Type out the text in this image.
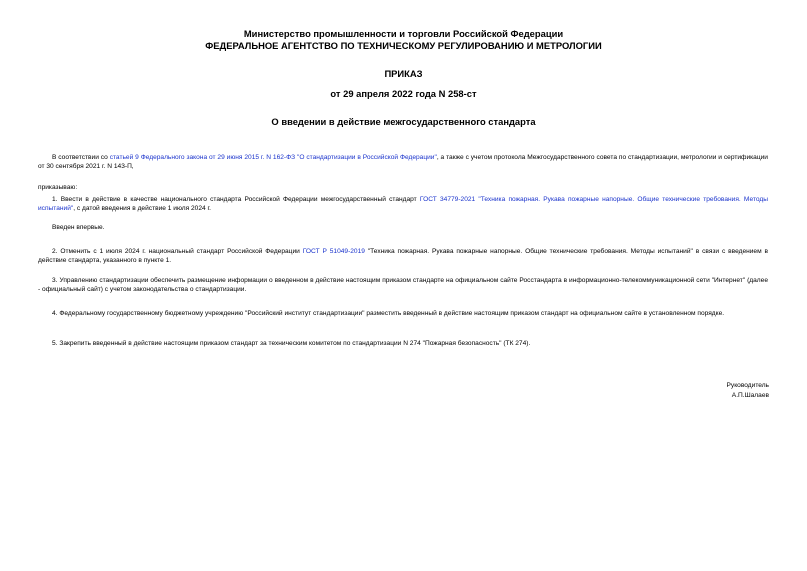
Министерство промышленности и торговли Российской Федерации
ФЕДЕРАЛЬНОЕ АГЕНТСТВО ПО ТЕХНИЧЕСКОМУ РЕГУЛИРОВАНИЮ И МЕТРОЛОГИИ
ПРИКАЗ
от 29 апреля 2022 года N 258-ст
О введении в действие межгосударственного стандарта
В соответствии со статьей 9 Федерального закона от 29 июня 2015 г. N 162-ФЗ "О стандартизации в Российской Федерации", а также с учетом протокола Межгосударственного совета по стандартизации, метрологии и сертификации от 30 сентября 2021 г. N 143-П,
приказываю:
1. Ввести в действие в качестве национального стандарта Российской Федерации межгосударственный стандарт ГОСТ 34779-2021 "Техника пожарная. Рукава пожарные напорные. Общие технические требования. Методы испытаний", с датой введения в действие 1 июля 2024 г.
Введен впервые.
2. Отменить с 1 июля 2024 г. национальный стандарт Российской Федерации ГОСТ Р 51049-2019 "Техника пожарная. Рукава пожарные напорные. Общие технические требования. Методы испытаний" в связи с введением в действие стандарта, указанного в пункте 1.
3. Управлению стандартизации обеспечить размещение информации о введенном в действие настоящим приказом стандарте на официальном сайте Росстандарта в информационно-телекоммуникационной сети "Интернет" (далее - официальный сайт) с учетом законодательства о стандартизации.
4. Федеральному государственному бюджетному учреждению "Российский институт стандартизации" разместить введенный в действие настоящим приказом стандарт на официальном сайте в установленном порядке.
5. Закрепить введенный в действие настоящим приказом стандарт за техническим комитетом по стандартизации N 274 "Пожарная безопасность" (ТК 274).
Руководитель
А.П.Шалаев
